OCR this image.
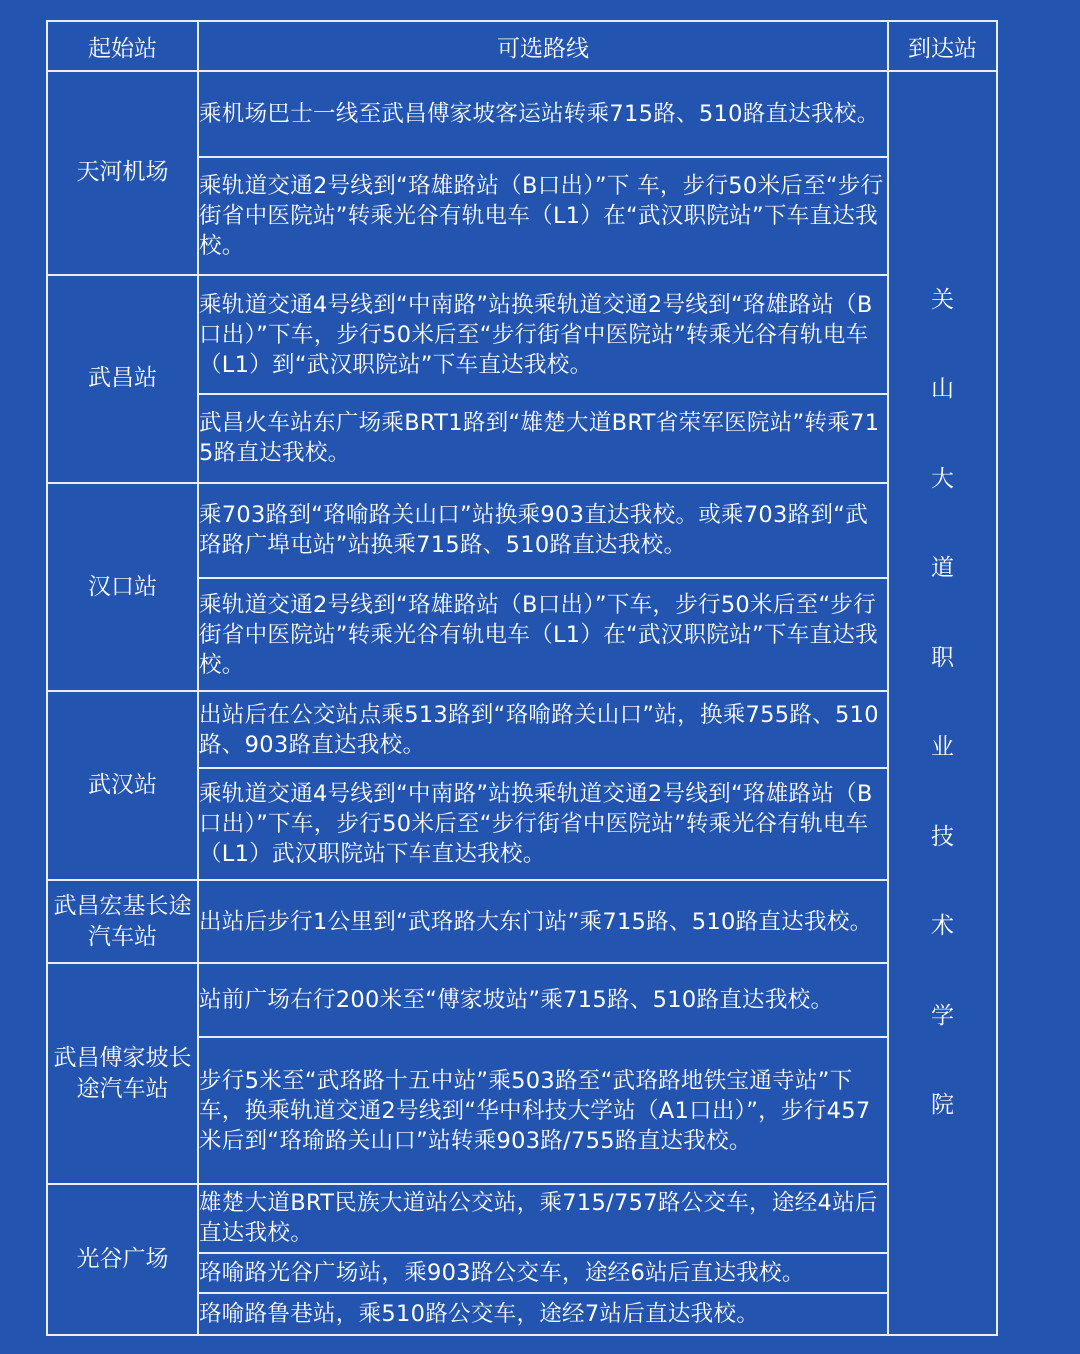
起始站	可选路线	到达站
天河机场	乘机场巴士一线至武昌傅家坡客运站转乘715路、510路直达我校。	关山大道职业技术学院
	乘轨道交通2号线到“珞雄路站（B口出）”下 车，步行50米后至“步行街省中医院站”转乘光谷有轨电车（L1）在“武汉职院站”下车直达我校。	
武昌站	乘轨道交通4号线到“中南路”站换乘轨道交通2号线到“珞雄路站（B口出）”下车，步行50米后至“步行街省中医院站”转乘光谷有轨电车（L1）到“武汉职院站”下车直达我校。	
	武昌火车站东广场乘BRT1路到“雄楚大道BRT省荣军医院站”转乘715路直达我校。	
汉口站	乘703路到“珞喻路关山口”站换乘903直达我校。或乘703路到“武珞路广埠屯站”站换乘715路、510路直达我校。	
	乘轨道交通2号线到“珞雄路站（B口出）”下车，步行50米后至“步行街省中医院站”转乘光谷有轨电车（L1）在“武汉职院站”下车直达我校。	
武汉站	出站后在公交站点乘513路到“珞喻路关山口”站，换乘755路、510路、903路直达我校。	
	乘轨道交通4号线到“中南路”站换乘轨道交通2号线到“珞雄路站（B口出）”下车，步行50米后至“步行街省中医院站”转乘光谷有轨电车（L1）武汉职院站下车直达我校。	
武昌宏基长途汽车站	出站后步行1公里到“武珞路大东门站”乘715路、510路直达我校。	
武昌傅家坡长途汽车站	站前广场右行200米至“傅家坡站”乘715路、510路直达我校。	
	步行5米至“武珞路十五中站”乘503路至“武珞路地铁宝通寺站”下车，换乘轨道交通2号线到“华中科技大学站（A1口出）”，步行457米后到“珞瑜路关山口”站转乘903路/755路直达我校。	
光谷广场	雄楚大道BRT民族大道站公交站，乘715/757路公交车，途经4站后直达我校。	
	珞喻路光谷广场站，乘903路公交车，途经6站后直达我校。	
	珞喻路鲁巷站，乘510路公交车，途经7站后直达我校。	
